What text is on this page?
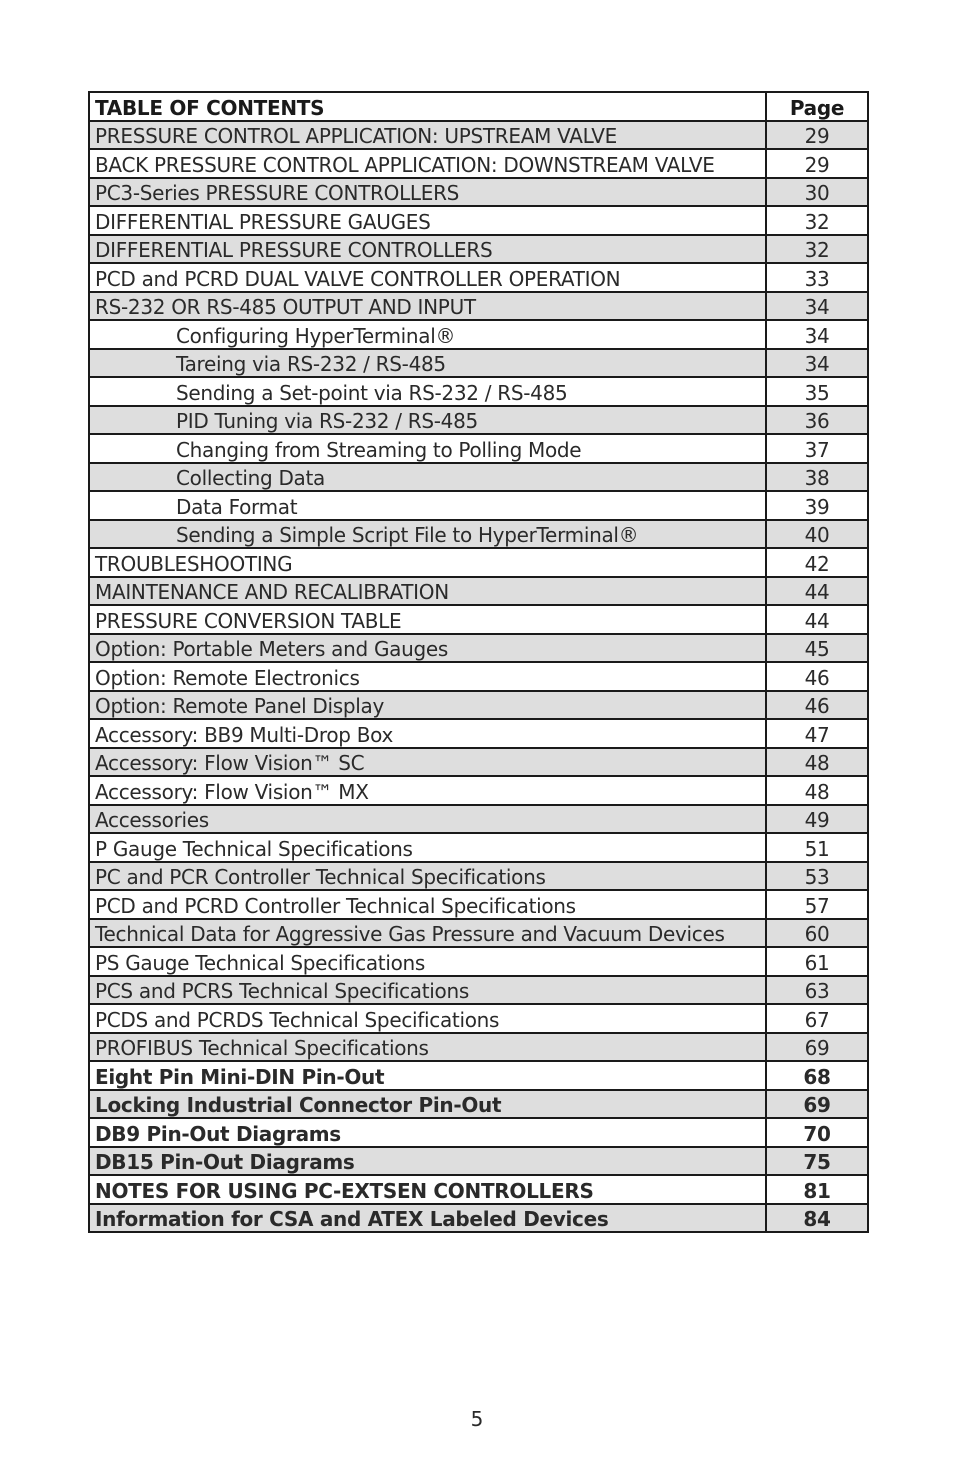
TABLE OF CONTENTS	Page
PRESSURE CONTROL APPLICATION: UPSTREAM VALVE	29
BACK PRESSURE CONTROL APPLICATION: DOWNSTREAM VALVE	29
PC3-Series PRESSURE CONTROLLERS	30
DIFFERENTIAL PRESSURE GAUGES	32
DIFFERENTIAL PRESSURE CONTROLLERS	32
PCD and PCRD DUAL VALVE CONTROLLER OPERATION	33
RS-232 OR RS-485 OUTPUT AND INPUT	34
Configuring HyperTerminal®	34
Tareing via RS-232 / RS-485	34
Sending a Set-point via RS-232 / RS-485	35
PID Tuning via RS-232 / RS-485	36
Changing from Streaming to Polling Mode	37
Collecting Data	38
Data Format	39
Sending a Simple Script File to HyperTerminal®	40
TROUBLESHOOTING	42
MAINTENANCE AND RECALIBRATION	44
PRESSURE CONVERSION TABLE	44
Option: Portable Meters and Gauges	45
Option: Remote Electronics	46
Option: Remote Panel Display	46
Accessory: BB9 Multi-Drop Box	47
Accessory: Flow Vision™ SC	48
Accessory: Flow Vision™ MX	48
Accessories	49
P Gauge Technical Specifications	51
PC and PCR Controller Technical Specifications	53
PCD and PCRD Controller Technical Specifications	57
Technical Data for Aggressive Gas Pressure and Vacuum Devices	60
PS Gauge Technical Specifications	61
PCS and PCRS Technical Specifications	63
PCDS and PCRDS Technical Specifications	67
PROFIBUS Technical Specifications	69
Eight Pin Mini-DIN Pin-Out	68
Locking Industrial Connector Pin-Out	69
DB9 Pin-Out Diagrams	70
DB15 Pin-Out Diagrams	75
NOTES FOR USING PC-EXTSEN CONTROLLERS	81
Information for CSA and ATEX Labeled Devices	84
5
